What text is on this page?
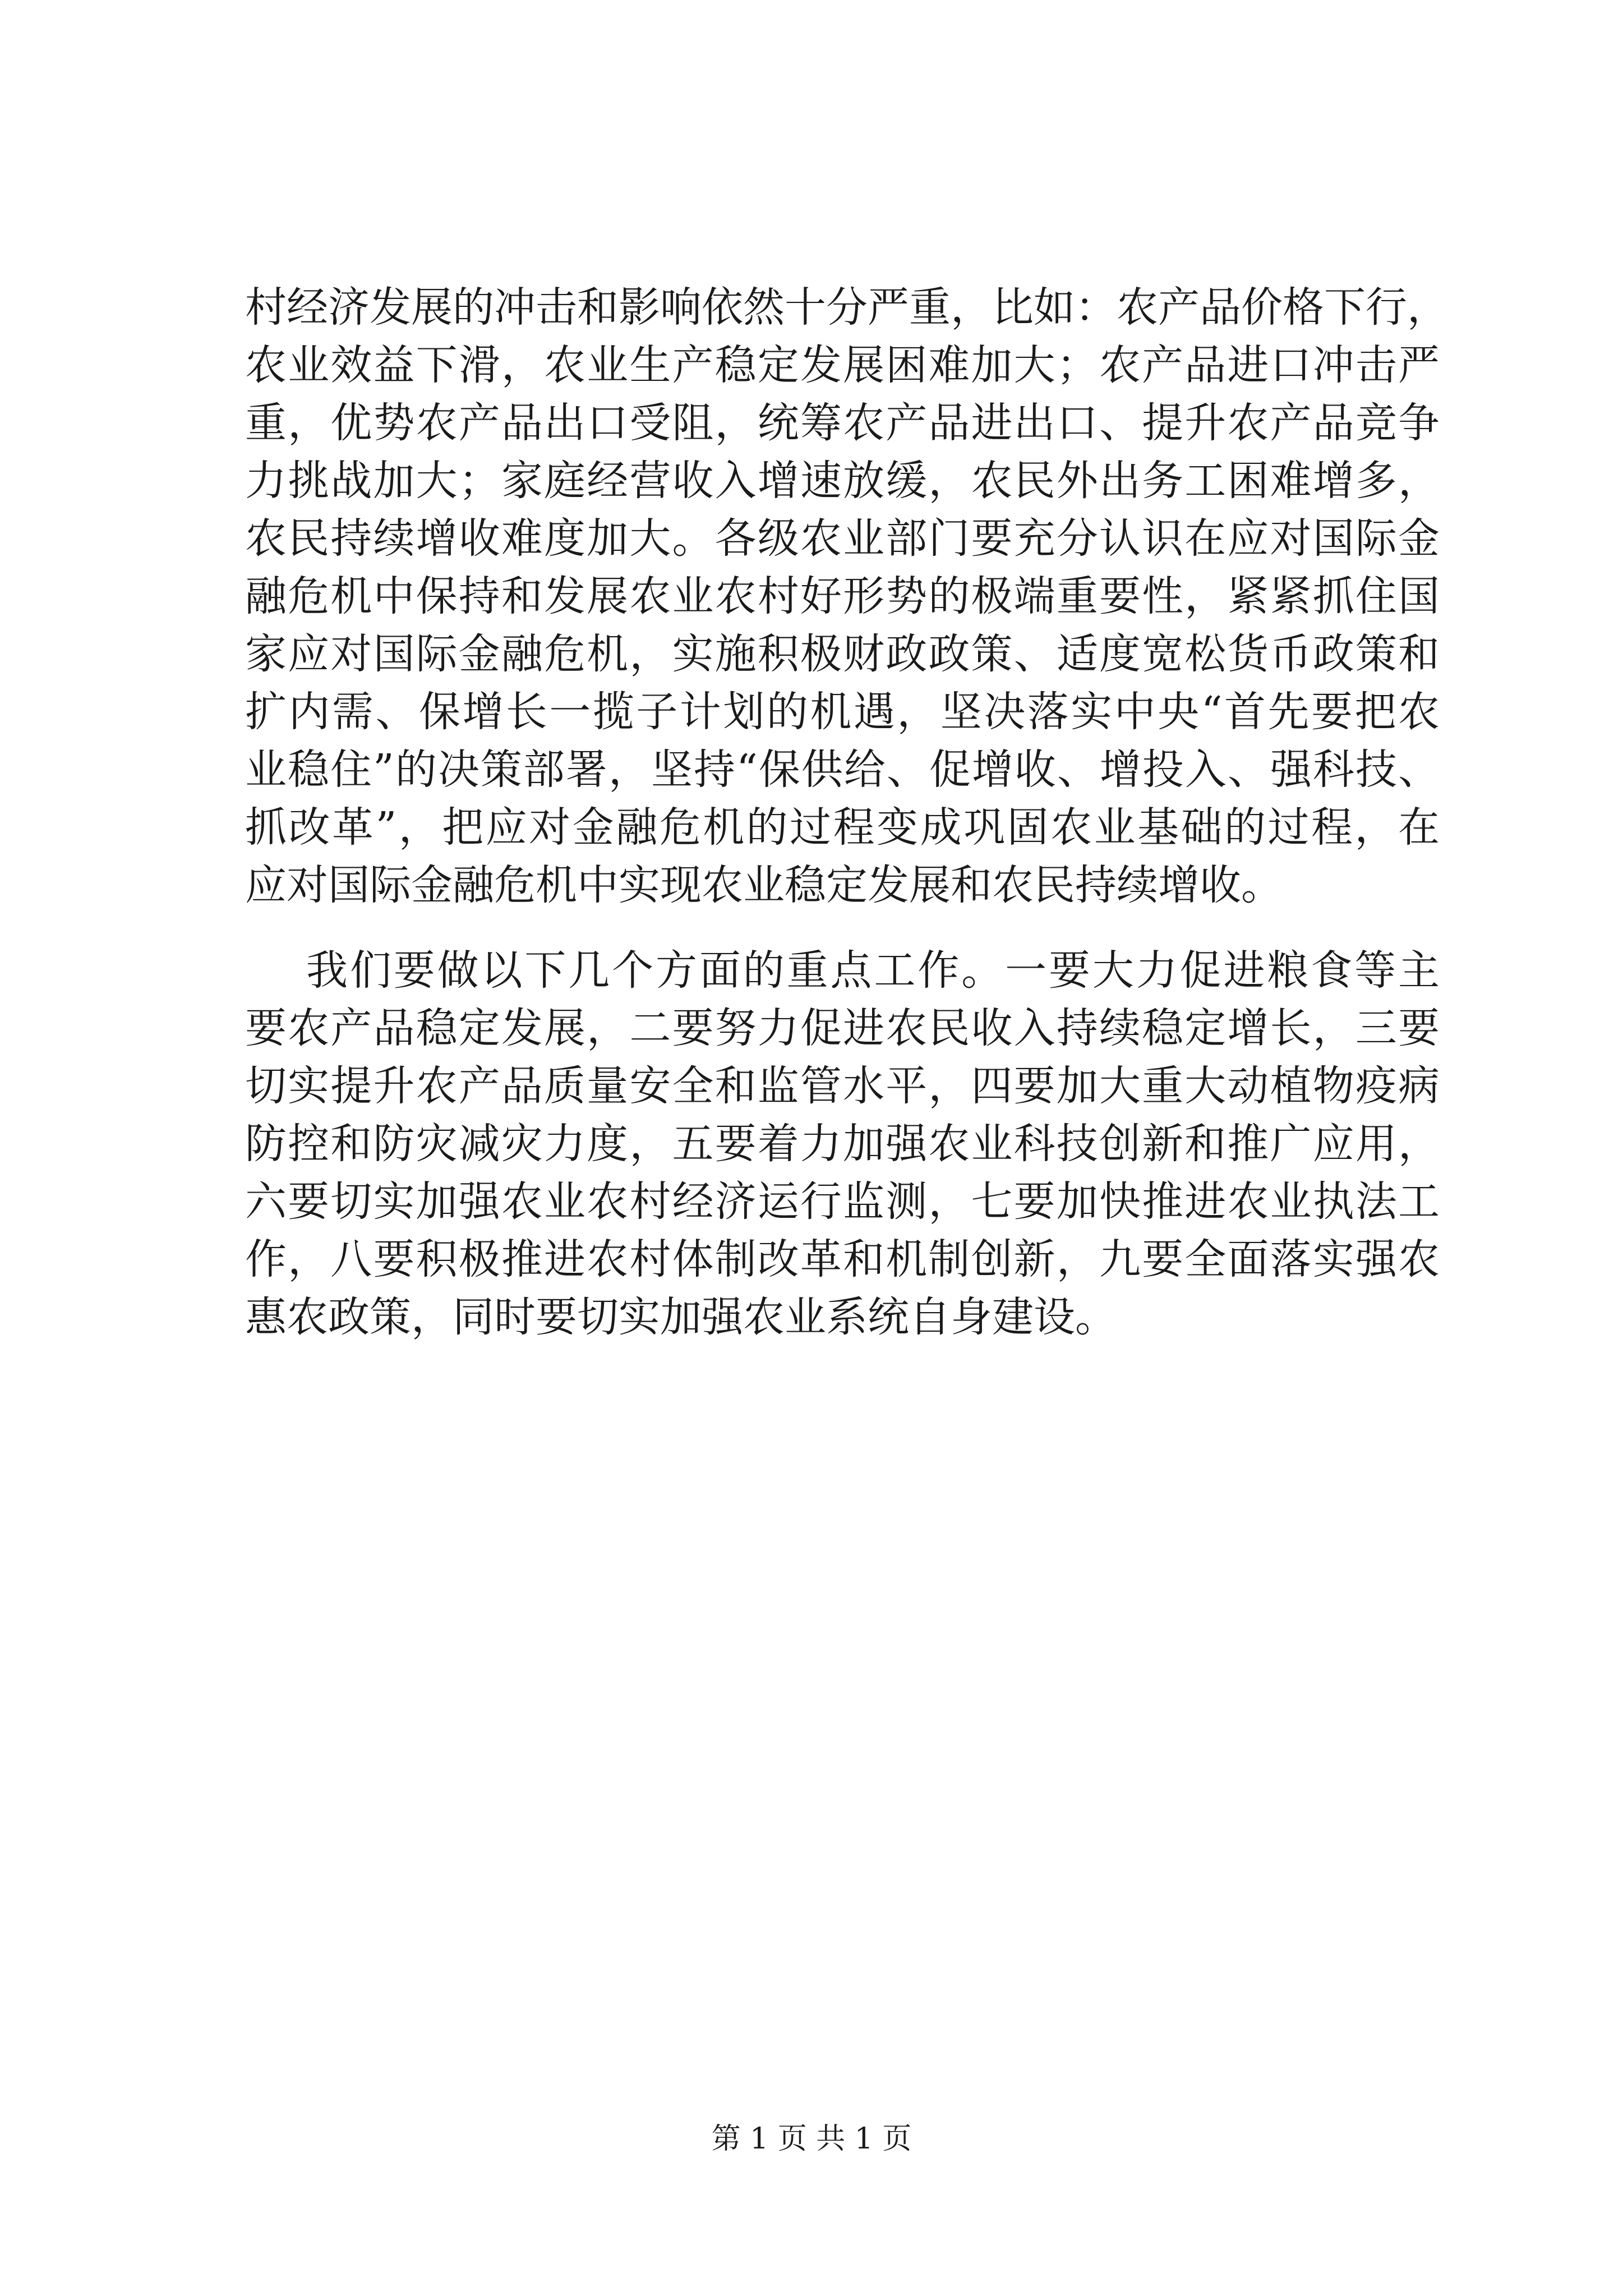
村经济发展的冲击和影响依然十分严重，比如：农产品价格下行，
农业效益下滑，农业生产稳定发展困难加大；农产品进口冲击严
重，优势农产品出口受阻，统筹农产品进出口、提升农产品竞争
力挑战加大；家庭经营收入增速放缓，农民外出务工困难增多，
农民持续增收难度加大。各级农业部门要充分认识在应对国际金
融危机中保持和发展农业农村好形势的极端重要性，紧紧抓住国
家应对国际金融危机，实施积极财政政策、适度宽松货币政策和
扩内需、保增长一揽子计划的机遇，坚决落实中央“首先要把农
业稳住”的决策部署，坚持“保供给、促增收、增投入、强科技、
抓改革”，把应对金融危机的过程变成巩固农业基础的过程，在
应对国际金融危机中实现农业稳定发展和农民持续增收。
我们要做以下几个方面的重点工作。一要大力促进粮食等主
要农产品稳定发展，二要努力促进农民收入持续稳定增长，三要
切实提升农产品质量安全和监管水平，四要加大重大动植物疫病
防控和防灾减灾力度，五要着力加强农业科技创新和推广应用，
六要切实加强农业农村经济运行监测，七要加快推进农业执法工
作，八要积极推进农村体制改革和机制创新，九要全面落实强农
惠农政策，同时要切实加强农业系统自身建设。
第 1 页 共 1 页
